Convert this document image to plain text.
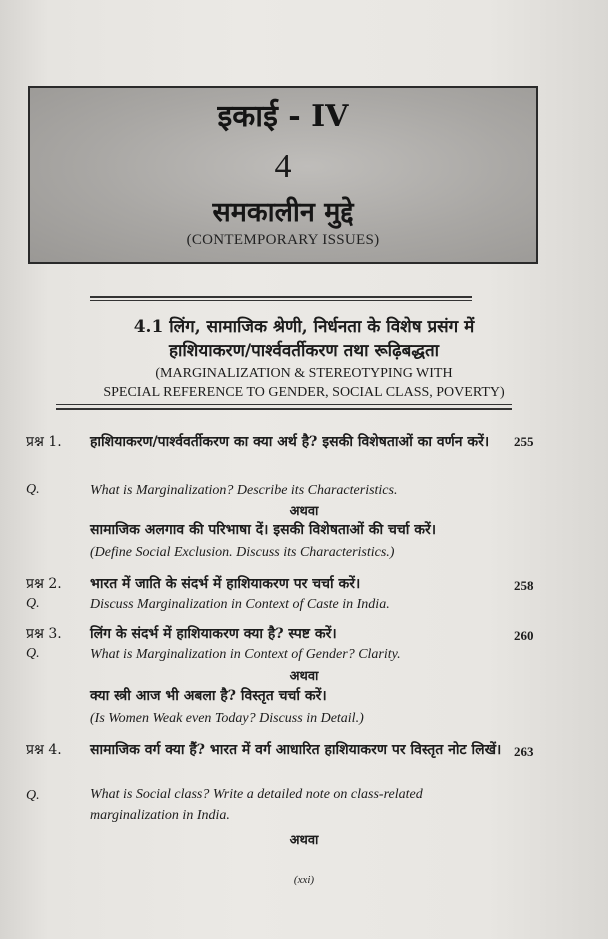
इकाई - IV
4
समकालीन मुद्दे
(CONTEMPORARY ISSUES)
4.1 लिंग, सामाजिक श्रेणी, निर्धनता के विशेष प्रसंग में
हाशियाकरण/पार्श्ववर्तीकरण तथा रूढ़िबद्धता
(MARGINALIZATION & STEREOTYPING WITH
SPECIAL REFERENCE TO GENDER, SOCIAL CLASS, POVERTY)
प्रश्न 1. हाशियाकरण/पार्श्ववर्तीकरण का क्या अर्थ है? इसकी विशेषताओं का वर्णन करें।	255
Q.	What is Marginalization? Describe its Characteristics.
अथवा
सामाजिक अलगाव की परिभाषा दें। इसकी विशेषताओं की चर्चा करें।
(Define Social Exclusion. Discuss its Characteristics.)
प्रश्न 2. भारत में जाति के संदर्भ में हाशियाकरण पर चर्चा करें।	258
Q.	Discuss Marginalization in Context of Caste in India.
प्रश्न 3. लिंग के संदर्भ में हाशियाकरण क्या है? स्पष्ट करें।	260
Q.	What is Marginalization in Context of Gender? Clarity.
अथवा
क्या स्त्री आज भी अबला है? विस्तृत चर्चा करें।
(Is Women Weak even Today? Discuss in Detail.)
प्रश्न 4. सामाजिक वर्ग क्या हैं? भारत में वर्ग आधारित हाशियाकरण पर विस्तृत नोट लिखें। 263
Q.	What is Social class? Write a detailed note on class-related marginalization in India.
अथवा
(xxi)
